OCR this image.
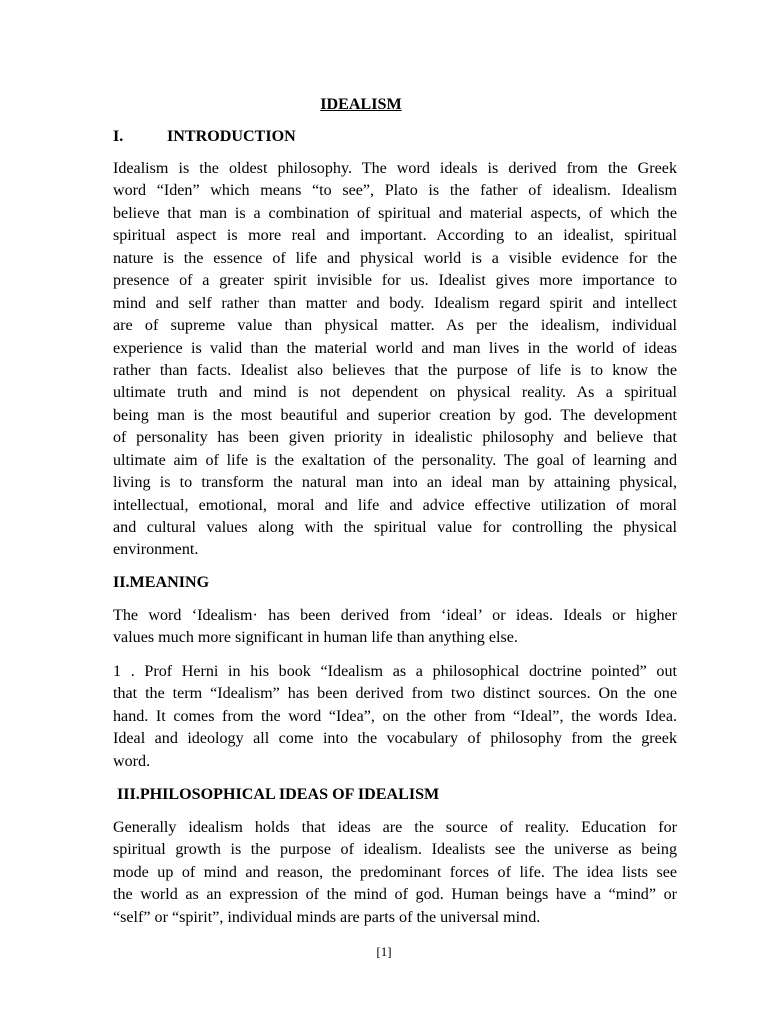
IDEALISM

I.	INTRODUCTION

Idealism is the oldest philosophy. The word ideals is derived from the Greek
word “Iden” which means “to see”, Plato is the father of idealism. Idealism
believe that man is a combination of spiritual and material aspects, of which the
spiritual aspect is more real and important. According to an idealist, spiritual
nature is the essence of life and physical world is a visible evidence for the
presence of a greater spirit invisible for us. Idealist gives more importance to
mind and self rather than matter and body. Idealism regard spirit and intellect
are of supreme value than physical matter. As per the idealism, individual
experience is valid than the material world and man lives in the world of ideas
rather than facts. Idealist also believes that the purpose of life is to know the
ultimate truth and mind is not dependent on physical reality. As a spiritual
being man is the most beautiful and superior creation by god. The development
of personality has been given priority in idealistic philosophy and believe that
ultimate aim of life is the exaltation of the personality. The goal of learning and
living is to transform the natural man into an ideal man by attaining physical,
intellectual, emotional, moral and life and advice effective utilization of moral
and cultural values along with the spiritual value for controlling the physical
environment.

II.MEANING

The word ‘Idealism· has been derived from ‘ideal’ or ideas. Ideals or higher
values much more significant in human life than anything else.
1 . Prof Herni in his book “Idealism as a philosophical doctrine pointed” out
that the term “Idealism” has been derived from two distinct sources. On the one
hand. It comes from the word “Idea”, on the other from “Ideal”, the words Idea.
Ideal and ideology all come into the vocabulary of philosophy from the greek
word.

III.PHILOSOPHICAL IDEAS OF IDEALISM

Generally idealism holds that ideas are the source of reality. Education for
spiritual growth is the purpose of idealism. Idealists see the universe as being
mode up of mind and reason, the predominant forces of life. The idea lists see
the world as an expression of the mind of god. Human beings have a “mind” or
“self” or “spirit”, individual minds are parts of the universal mind.
[1]
